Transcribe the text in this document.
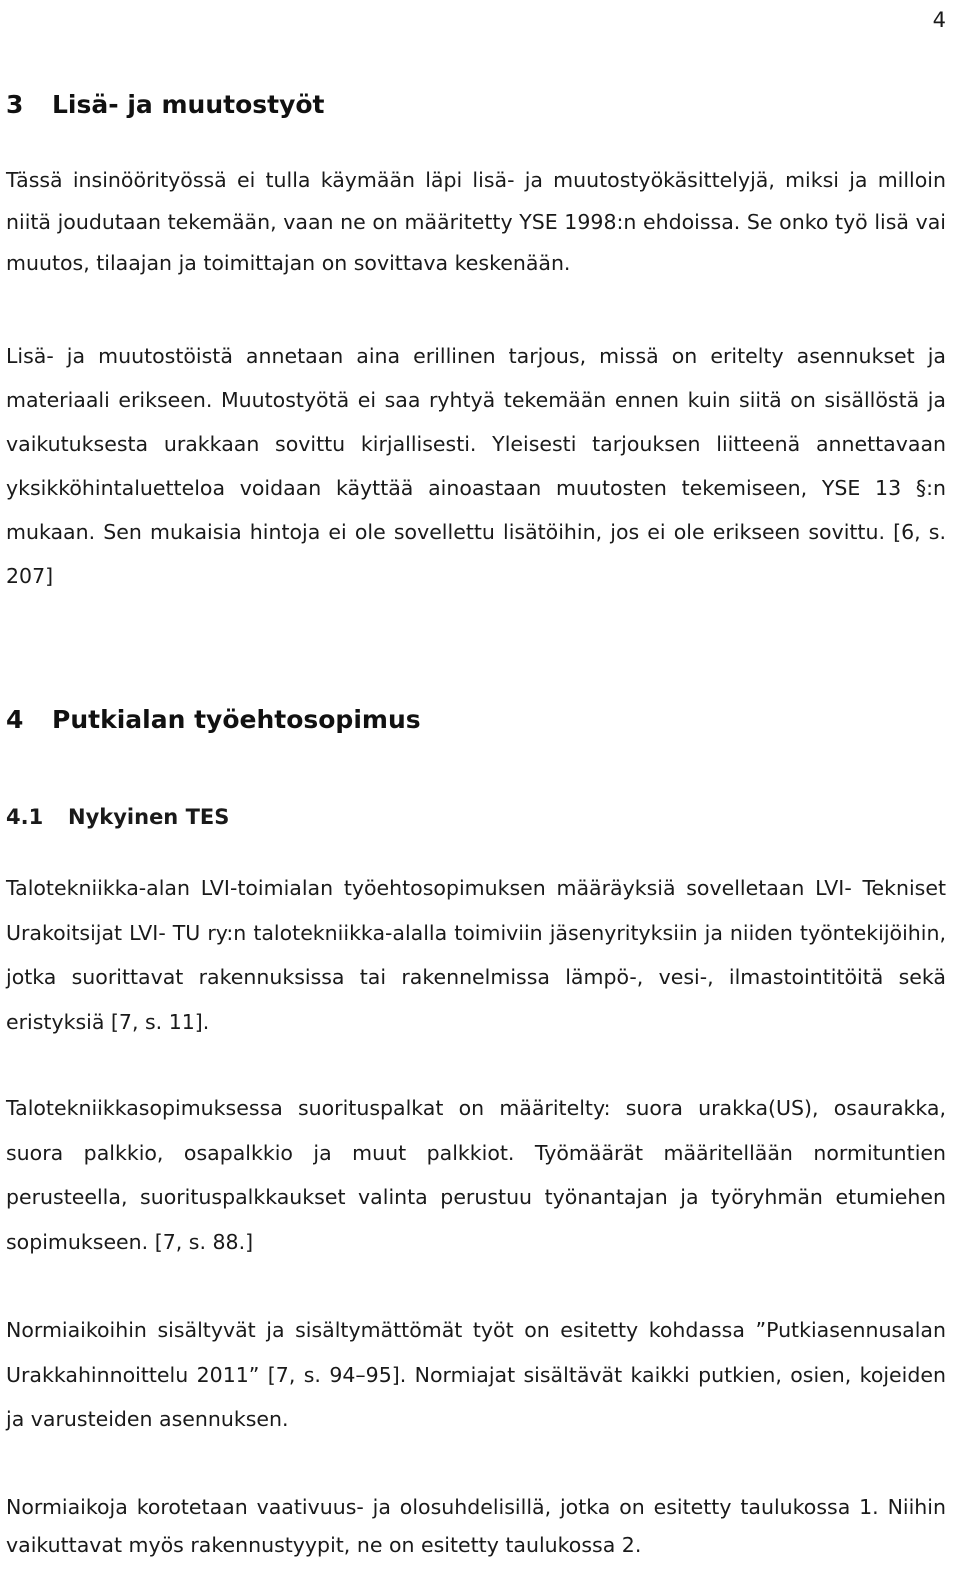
4
3 Lisä- ja muutostyöt

Tässä insinöörityössä ei tulla käymään läpi lisä- ja muutostyökäsittelyjä, miksi ja milloin niitä joudutaan tekemään, vaan ne on määritetty YSE 1998:n ehdoissa. Se onko työ lisä vai muutos, tilaajan ja toimittajan on sovittava keskenään.

Lisä- ja muutostöistä annetaan aina erillinen tarjous, missä on eritelty asennukset ja materiaali erikseen. Muutostyötä ei saa ryhtyä tekemään ennen kuin siitä on sisällöstä ja vaikutuksesta urakkaan sovittu kirjallisesti. Yleisesti tarjouksen liitteenä annettavaan yksikköhintaluetteloa voidaan käyttää ainoastaan muutosten tekemiseen, YSE 13 §:n mukaan. Sen mukaisia hintoja ei ole sovellettu lisätöihin, jos ei ole erikseen sovittu. [6, s. 207]

4 Putkialan työehtosopimus
4.1 Nykyinen TES

Talotekniikka-alan LVI-toimialan työehtosopimuksen määräyksiä sovelletaan LVI- Tekniset Urakoitsijat LVI- TU ry:n talotekniikka-alalla toimiviin jäsenyrityksiin ja niiden työntekijöihin, jotka suorittavat rakennuksissa tai rakennelmissa lämpö-, vesi-, ilmastointitöitä sekä eristyksiä [7, s. 11].

Talotekniikkasopimuksessa suorituspalkat on määritelty: suora urakka(US), osaurakka, suora palkkio, osapalkkio ja muut palkkiot. Työmäärät määritellään normituntien perusteella, suorituspalkkaukset valinta perustuu työnantajan ja työryhmän etumiehen sopimukseen. [7, s. 88.]

Normiaikoihin sisältyvät ja sisältymättömät työt on esitetty kohdassa ”Putkiasennusalan Urakkahinnoittelu 2011” [7, s. 94–95]. Normiajat sisältävät kaikki putkien, osien, kojeiden ja varusteiden asennuksen.

Normiaikoja korotetaan vaativuus- ja olosuhdelisillä, jotka on esitetty taulukossa 1. Niihin vaikuttavat myös rakennustyypit, ne on esitetty taulukossa 2.
